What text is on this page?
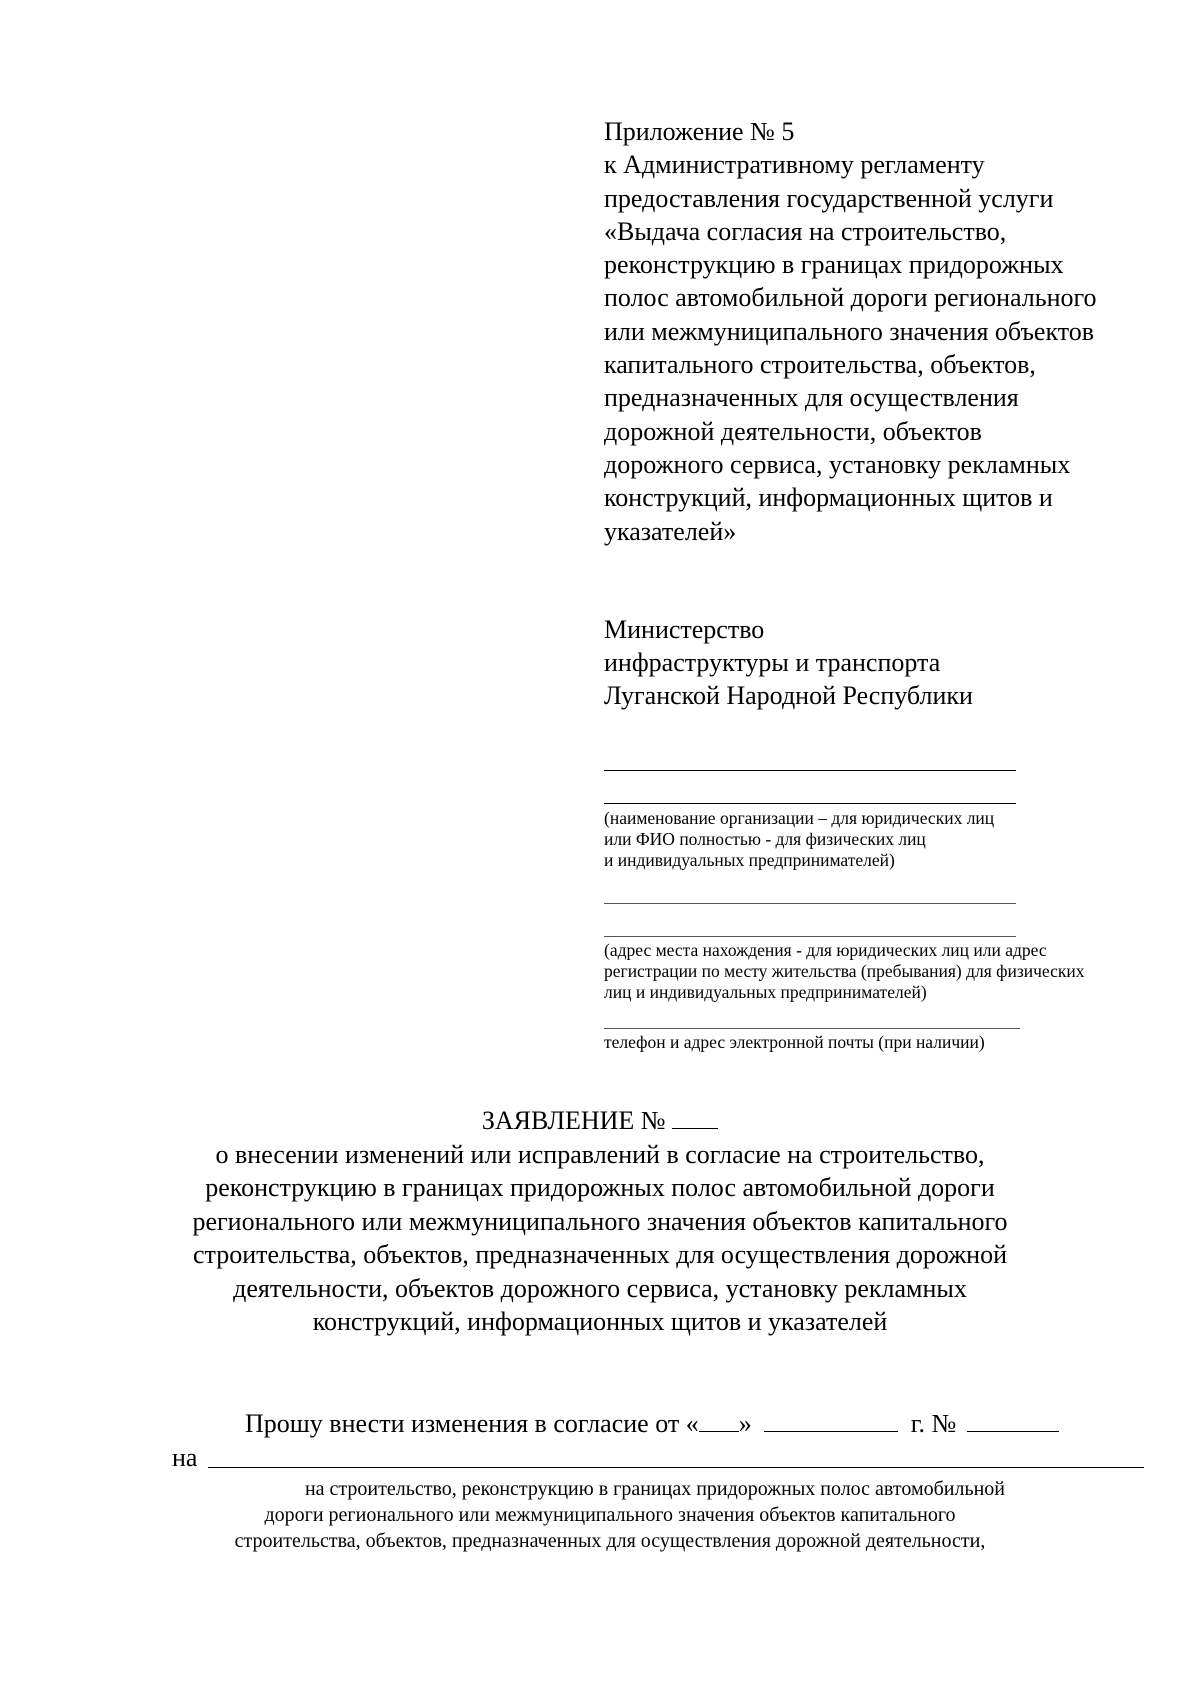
Приложение № 5
к Административному регламенту
предоставления государственной услуги
«Выдача согласия на строительство,
реконструкцию в границах придорожных
полос автомобильной дороги регионального
или межмуниципального значения объектов
капитального строительства, объектов,
предназначенных для осуществления
дорожной деятельности, объектов
дорожного сервиса, установку рекламных
конструкций, информационных щитов и
указателей»
Министерство
инфраструктуры и транспорта
Луганской Народной Республики
(наименование организации – для юридических лиц
или ФИО полностью - для физических лиц
и индивидуальных предпринимателей)
(адрес места нахождения - для юридических лиц или адрес
регистрации по месту жительства (пребывания) для физических
лиц и индивидуальных предпринимателей)
телефон и адрес электронной почты (при наличии)
ЗАЯВЛЕНИЕ №
о внесении изменений или исправлений в согласие на строительство,
реконструкцию в границах придорожных полос автомобильной дороги
регионального или межмуниципального значения объектов капитального
строительства, объектов, предназначенных для осуществления дорожной
деятельности, объектов дорожного сервиса, установку рекламных
конструкций, информационных щитов и указателей
Прошу внести изменения в согласие от « »	г. №
на
на строительство, реконструкцию в границах придорожных полос автомобильной
дороги регионального или межмуниципального значения объектов капитального
строительства, объектов, предназначенных для осуществления дорожной деятельности,
